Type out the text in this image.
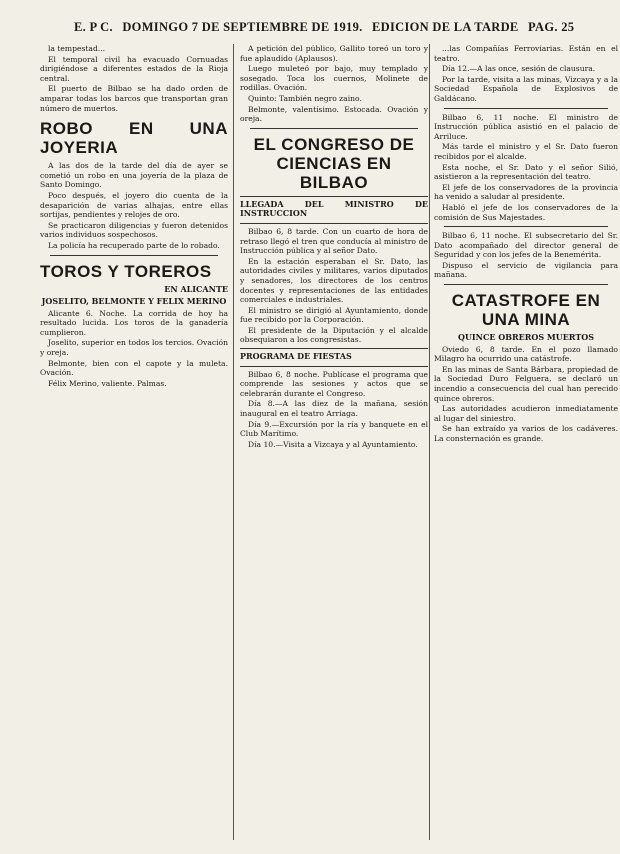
E. P C. DOMINGO 7 DE SEPTIEMBRE DE 1919. EDICION DE LA TARDE PAG. 25

la tempestad...

El temporal civil ha evacuado Cornuadas dirigiéndose a diferentes estados de la Rioja central.

El puerto de Bilbao se ha dado orden de amparar todas los barcos que transportan gran número de muertos.

ROBO EN UNA JOYERIA

A las dos de la tarde del día de ayer se cometió un robo en una joyería de la plaza de Santo Domingo.

Poco después, el joyero dio cuenta de la desaparición de varias alhajas, entre ellas sortijas, pendientes y relojes de oro.

Se practicaron diligencias y fueron detenidos varios individuos sospechosos.

La policía ha recuperado parte de lo robado.

TOROS Y TOREROS
EN ALICANTE
JOSELITO, BELMONTE Y FELIX MERINO

Alicante 6. Noche. La corrida de hoy ha resultado lucida. Los toros de la ganadería cumplieron.

Joselito, superior en todos los tercios. Ovación y oreja.

Belmonte, bien con el capote y la muleta. Ovación.

Félix Merino, valiente. Palmas.

A petición del público, Gallito toreó un toro y fue aplaudido (Aplausos).

Luego muleteó por bajo, muy templado y sosegado. Toca los cuernos, Molinete de rodillas. Ovación.

Quinto: También negro zaino.

Belmonte, valentísimo. Estocada. Ovación y oreja.

EL CONGRESO DE CIENCIAS EN BILBAO
LLEGADA DEL MINISTRO DE INSTRUCCION

Bilbao 6, 8 tarde. Con un cuarto de hora de retraso llegó el tren que conducía al ministro de Instrucción pública y al señor Dato.

En la estación esperaban el Sr. Dato, las autoridades civiles y militares, varios diputados y senadores, los directores de los centros docentes y representaciones de las entidades comerciales e industriales.

El ministro se dirigió al Ayuntamiento, donde fue recibido por la Corporación.

El presidente de la Diputación y el alcalde obsequiaron a los congresistas.

PROGRAMA DE FIESTAS

Bilbao 6, 8 noche. Publícase el programa que comprende las sesiones y actos que se celebrarán durante el Congreso.

Día 8.—A las diez de la mañana, sesión inaugural en el teatro Arriaga.

Día 9.—Excursión por la ría y banquete en el Club Marítimo.

Día 10.—Visita a Vizcaya y al Ayuntamiento.

...las Compañías Ferroviarias. Están en el teatro.

Día 12.—A las once, sesión de clausura.

Por la tarde, visita a las minas, Vizcaya y a la Sociedad Española de Explosivos de Galdácano.

Bilbao 6, 11 noche. El ministro de Instrucción pública asistió en el palacio de Arriluce.

Más tarde el ministro y el Sr. Dato fueron recibidos por el alcalde.

Esta noche, el Sr. Dato y el señor Silió, asistieron a la representación del teatro.

El jefe de los conservadores de la provincia ha venido a saludar al presidente.

Habló el jefe de los conservadores de la comisión de Sus Majestades.

Bilbao 6, 11 noche. El subsecretario del Sr. Dato acompañado del director general de Seguridad y con los jefes de la Benemérita.

Dispuso el servicio de vigilancia para mañana.

CATASTROFE EN UNA MINA
QUINCE OBREROS MUERTOS

Oviedo 6, 8 tarde. En el pozo llamado Milagro ha ocurrido una catástrofe.

En las minas de Santa Bárbara, propiedad de la Sociedad Duro Felguera, se declaró un incendio a consecuencia del cual han perecido quince obreros.

Las autoridades acudieron inmediatamente al lugar del siniestro.

Se han extraído ya varios de los cadáveres. La consternación es grande.
